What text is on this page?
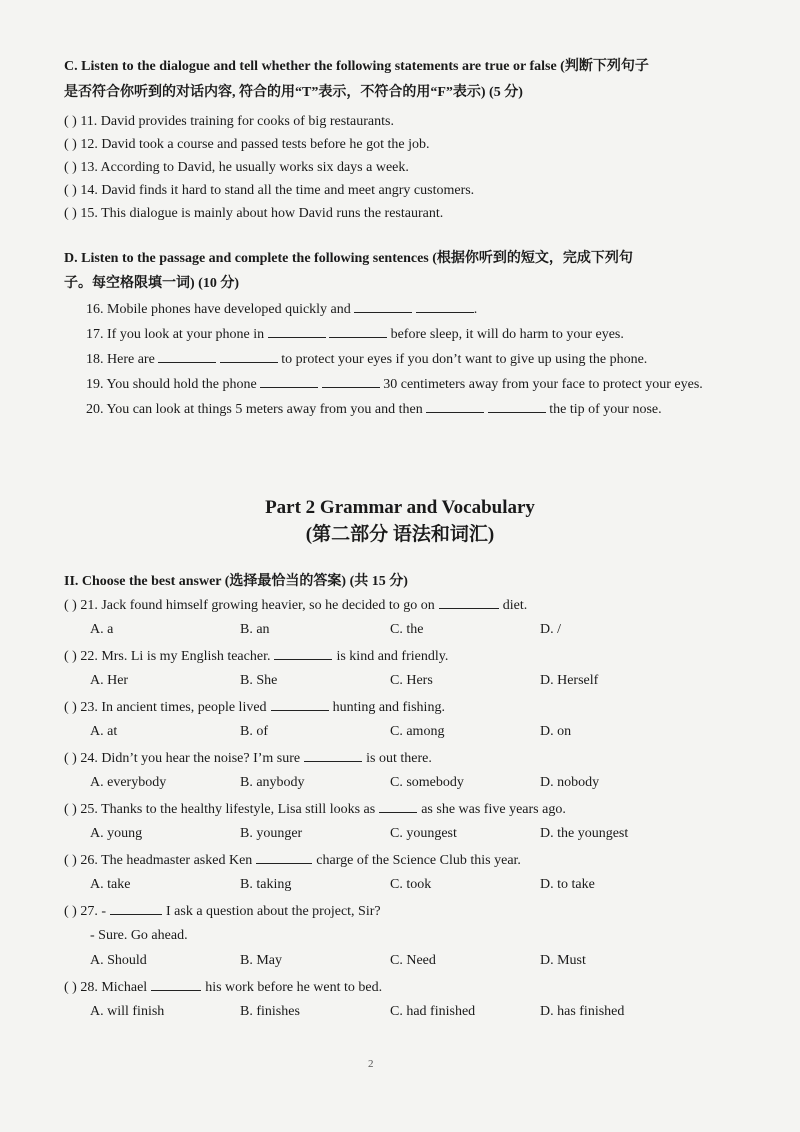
C. Listen to the dialogue and tell whether the following statements are true or false (判断下列句子
是否符合你听到的对话内容, 符合的用“T”表示，不符合的用“F”表示) (5 分)
( ) 11. David provides training for cooks of big restaurants.
( ) 12. David took a course and passed tests before he got the job.
( ) 13. According to David, he usually works six days a week.
( ) 14. David finds it hard to stand all the time and meet angry customers.
( ) 15. This dialogue is mainly about how David runs the restaurant.
D. Listen to the passage and complete the following sentences (根据你听到的短文，完成下列句
子。每空格限填一词) (10 分)
16. Mobile phones have developed quickly and	.
17. If you look at your phone in	before sleep, it will do harm to your eyes.
18. Here are	to protect your eyes if you don’t want to give up using the phone.
19. You should hold the phone	30 centimeters away from your face to protect your eyes.
20. You can look at things 5 meters away from you and then	the tip of your nose.
Part 2 Grammar and Vocabulary
(第二部分 语法和词汇)
II. Choose the best answer (选择最恰当的答案) (共 15 分)
( ) 21. Jack found himself growing heavier, so he decided to go on	diet.
A. a	B. an	C. the	D. /
( ) 22. Mrs. Li is my English teacher.	is kind and friendly.
A. Her	B. She	C. Hers	D. Herself
( ) 23. In ancient times, people lived	hunting and fishing.
A. at	B. of	C. among	D. on
( ) 24. Didn’t you hear the noise? I’m sure	is out there.
A. everybody	B. anybody	C. somebody	D. nobody
( ) 25. Thanks to the healthy lifestyle, Lisa still looks as	as she was five years ago.
A. young	B. younger	C. youngest	D. the youngest
( ) 26. The headmaster asked Ken	charge of the Science Club this year.
A. take	B. taking	C. took	D. to take
( ) 27. -	I ask a question about the project, Sir?
- Sure. Go ahead.
A. Should	B. May	C. Need	D. Must
( ) 28. Michael	his work before he went to bed.
A. will finish	B. finishes	C. had finished	D. has finished
2
